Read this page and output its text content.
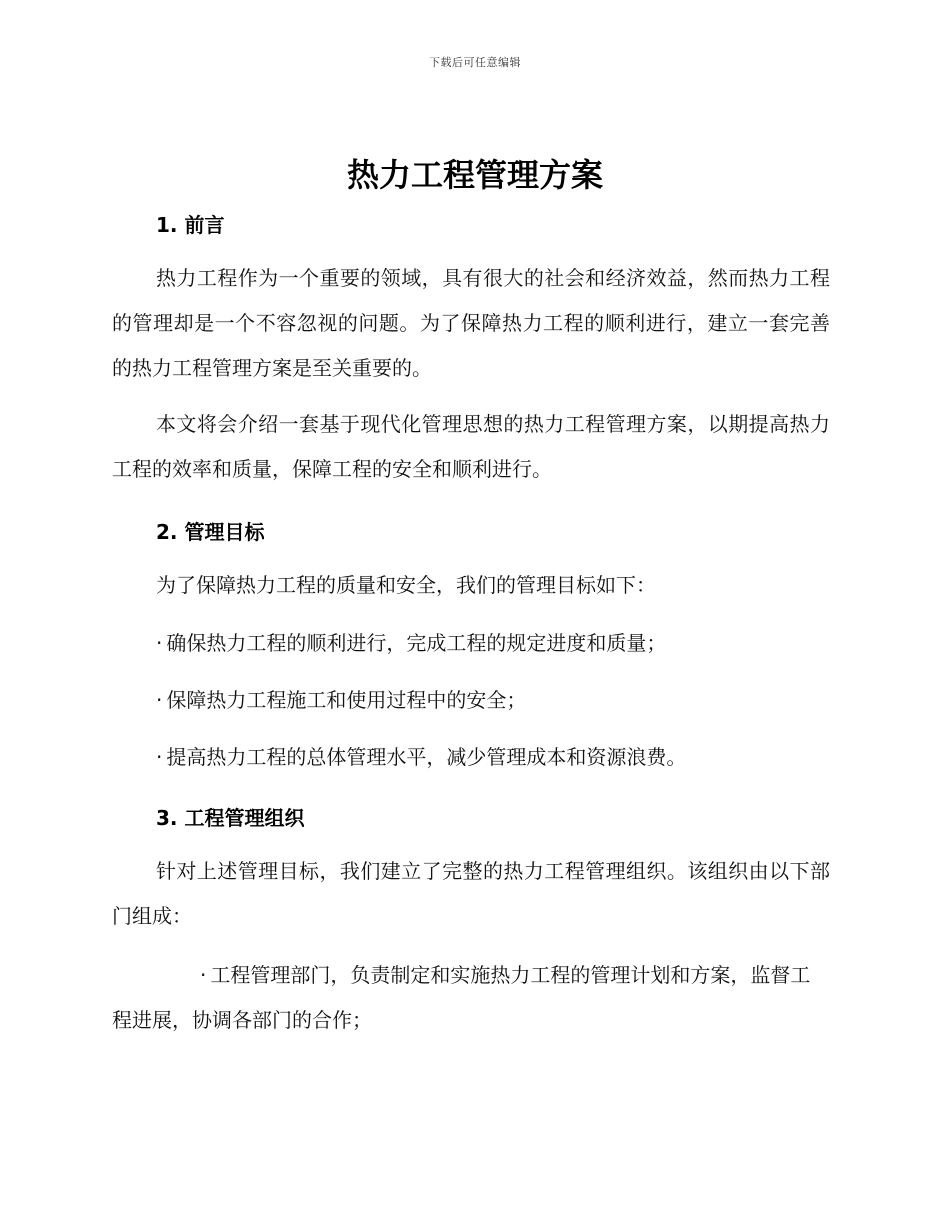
下载后可任意编辑
热力工程管理方案
1. 前言
热力工程作为一个重要的领域，具有很大的社会和经济效益，然而热力工程的管理却是一个不容忽视的问题。为了保障热力工程的顺利进行，建立一套完善的热力工程管理方案是至关重要的。
本文将会介绍一套基于现代化管理思想的热力工程管理方案，以期提高热力工程的效率和质量，保障工程的安全和顺利进行。
2. 管理目标
为了保障热力工程的质量和安全，我们的管理目标如下：
· 确保热力工程的顺利进行，完成工程的规定进度和质量；
· 保障热力工程施工和使用过程中的安全；
· 提高热力工程的总体管理水平，减少管理成本和资源浪费。
3. 工程管理组织
针对上述管理目标，我们建立了完整的热力工程管理组织。该组织由以下部门组成：
· 工程管理部门，负责制定和实施热力工程的管理计划和方案，监督工程进展，协调各部门的合作；
